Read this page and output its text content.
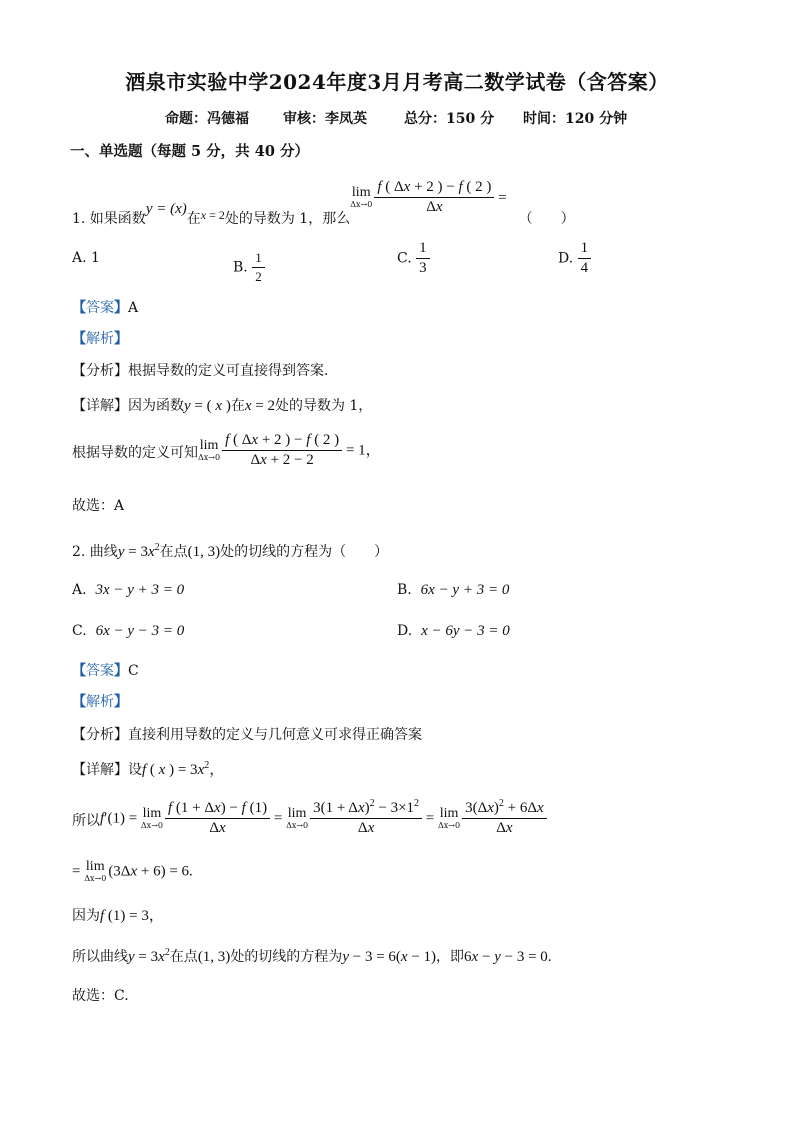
酒泉市实验中学2024年度3月月考高二数学试卷（含答案）
命题：冯德福 审核：李凤英	总分：150 分 时间：120 分钟
一、单选题（每题 5 分，共 40 分）
1. 如果函数y = (x)在x = 2处的导数为 1，那么
lim
$\Delta x\to 0 \frac{f ( \Delta x + 2 ) - f ( 2 )}{\Delta x}$ =（　　）
A. 1
B. $\frac{1}{2}$	C. $\frac{1}{3}$	D. $\frac{1}{4}$
【答案】A
【解析】
【分析】根据导数的定义可直接得到答案.
【详解】因为函数y = ( x )在x = 2处的导数为 1，
根据导数的定义可知 lim
$\Delta x\to 0 \frac{f ( \Delta x + 2 ) - f ( 2 )}{\Delta x + 2 - 2} = 1$，
故选：A
2. 曲线$y = 3x^2$在点(1, 3)处的切线的方程为（　　）
A. 3x − y + 3 = 0	B. 6x − y + 3 = 0
C. 6x − y − 3 = 0	D. x − 6y − 3 = 0
【答案】C
【解析】
【分析】直接利用导数的定义与几何意义可求得正确答案
【详解】设f ( x ) = $3x^2$，
所以f′(1) = lim
$\Delta x\to 0 \frac{f (1 + \Delta x) - f (1)}{\Delta x} = \lim$
$\Delta x\to 0 \frac{3(1 + \Delta x)^2 - 3\times 1^2}{\Delta x} = \lim$
$\Delta x\to 0 \frac{3(\Delta x)^2 + 6\Delta x}{\Delta x}$
= lim
Δx→0 (3Δx + 6) = 6.
因为f (1) = 3，
所以曲线$y = 3x^2$在点(1, 3)处的切线的方程为y − 3 = 6(x − 1)，即6x − y − 3 = 0.
故选：C.
